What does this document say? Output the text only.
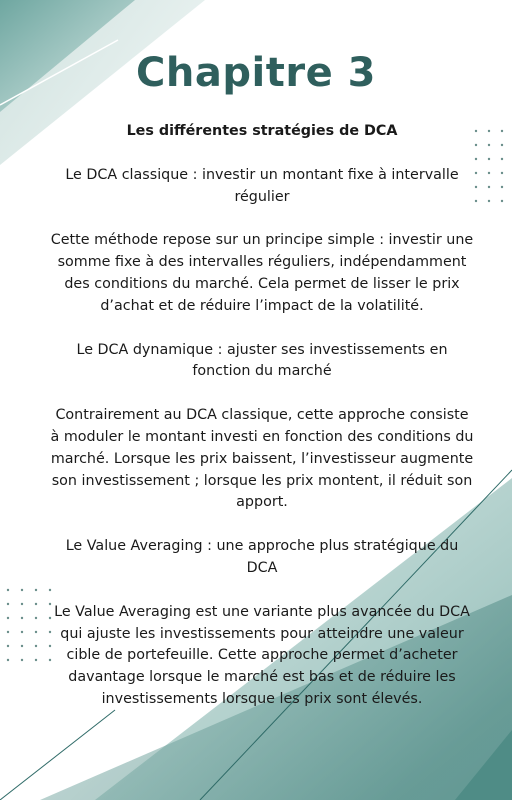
Chapitre 3

Les différentes stratégies de DCA

Le DCA classique : investir un montant fixe à intervalle régulier

Cette méthode repose sur un principe simple : investir une somme fixe à des intervalles réguliers, indépendamment des conditions du marché. Cela permet de lisser le prix d’achat et de réduire l’impact de la volatilité.

Le DCA dynamique : ajuster ses investissements en fonction du marché

Contrairement au DCA classique, cette approche consiste à moduler le montant investi en fonction des conditions du marché. Lorsque les prix baissent, l’investisseur augmente son investissement ; lorsque les prix montent, il réduit son apport.

Le Value Averaging : une approche plus stratégique du DCA

Le Value Averaging est une variante plus avancée du DCA qui ajuste les investissements pour atteindre une valeur cible de portefeuille. Cette approche permet d’acheter davantage lorsque le marché est bas et de réduire les investissements lorsque les prix sont élevés.
